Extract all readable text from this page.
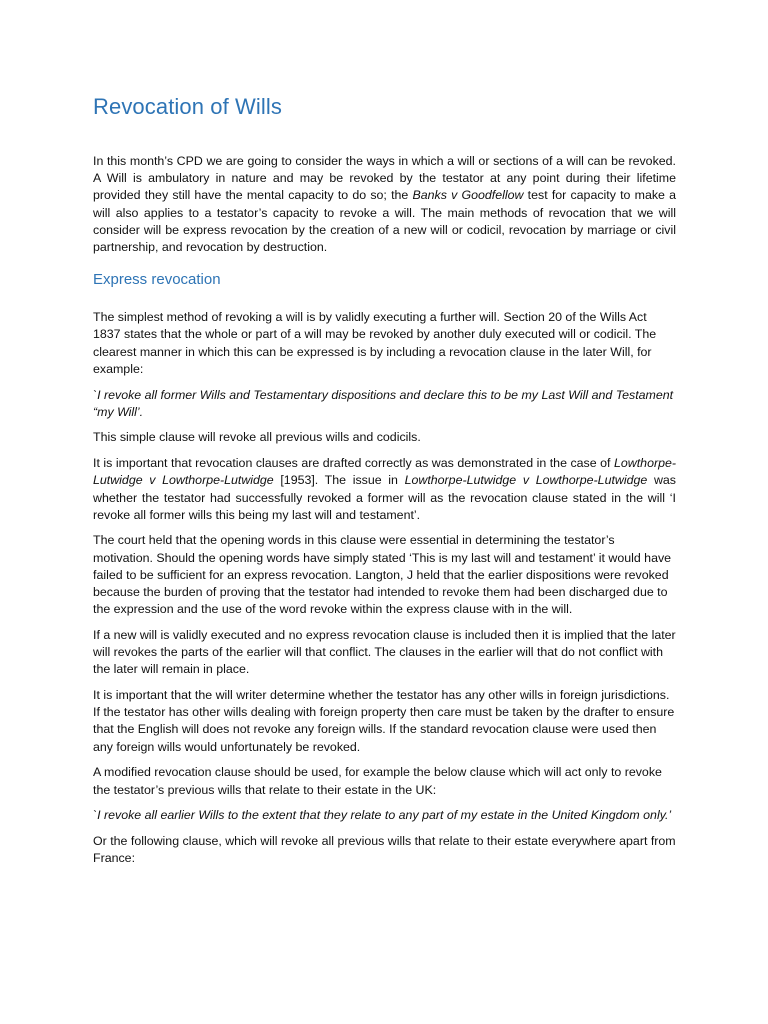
Revocation of Wills

In this month’s CPD we are going to consider the ways in which a will or sections of a will can be revoked. A Will is ambulatory in nature and may be revoked by the testator at any point during their lifetime provided they still have the mental capacity to do so; the Banks v Goodfellow test for capacity to make a will also applies to a testator’s capacity to revoke a will. The main methods of revocation that we will consider will be express revocation by the creation of a new will or codicil, revocation by marriage or civil partnership, and revocation by destruction.

Express revocation

The simplest method of revoking a will is by validly executing a further will. Section 20 of the Wills Act 1837 states that the whole or part of a will may be revoked by another duly executed will or codicil. The clearest manner in which this can be expressed is by including a revocation clause in the later Will, for example:

`I revoke all former Wills and Testamentary dispositions and declare this to be my Last Will and Testament “my Will’.

This simple clause will revoke all previous wills and codicils.

It is important that revocation clauses are drafted correctly as was demonstrated in the case of Lowthorpe-Lutwidge v Lowthorpe-Lutwidge [1953]. The issue in Lowthorpe-Lutwidge v Lowthorpe-Lutwidge was whether the testator had successfully revoked a former will as the revocation clause stated in the will ‘I revoke all former wills this being my last will and testament’.

The court held that the opening words in this clause were essential in determining the testator’s motivation. Should the opening words have simply stated ‘This is my last will and testament’ it would have failed to be sufficient for an express revocation. Langton, J held that the earlier dispositions were revoked because the burden of proving that the testator had intended to revoke them had been discharged due to the expression and the use of the word revoke within the express clause with in the will.

If a new will is validly executed and no express revocation clause is included then it is implied that the later will revokes the parts of the earlier will that conflict. The clauses in the earlier will that do not conflict with the later will remain in place.

It is important that the will writer determine whether the testator has any other wills in foreign jurisdictions. If the testator has other wills dealing with foreign property then care must be taken by the drafter to ensure that the English will does not revoke any foreign wills. If the standard revocation clause were used then any foreign wills would unfortunately be revoked.

A modified revocation clause should be used, for example the below clause which will act only to revoke the testator’s previous wills that relate to their estate in the UK:

`I revoke all earlier Wills to the extent that they relate to any part of my estate in the United Kingdom only.’

Or the following clause, which will revoke all previous wills that relate to their estate everywhere apart from France:
